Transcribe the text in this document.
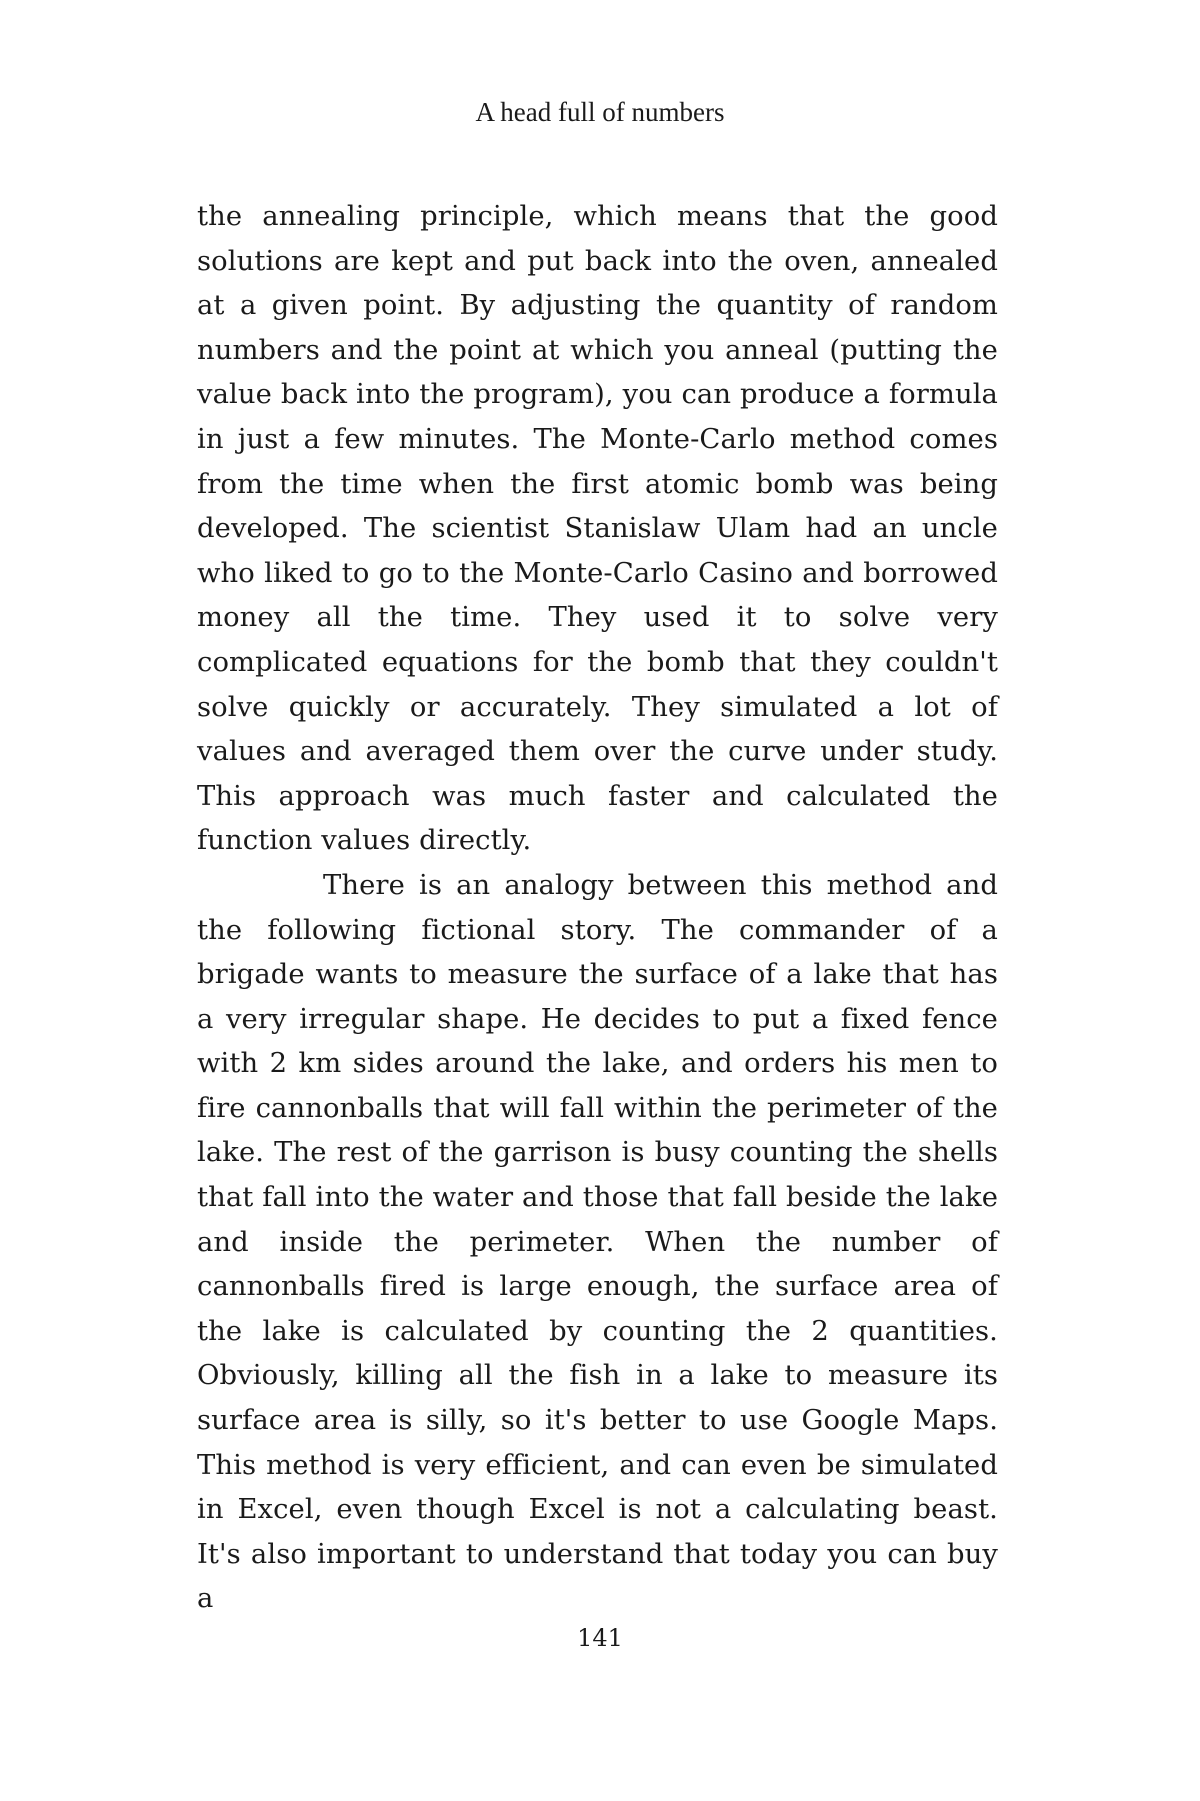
A head full of numbers

the annealing principle, which means that the good solutions are kept and put back into the oven, annealed at a given point. By adjusting the quantity of random numbers and the point at which you anneal (putting the value back into the program), you can produce a formula in just a few minutes. The Monte-Carlo method comes from the time when the first atomic bomb was being developed. The scientist Stanislaw Ulam had an uncle who liked to go to the Monte-Carlo Casino and borrowed money all the time. They used it to solve very complicated equations for the bomb that they couldn't solve quickly or accurately. They simulated a lot of values and averaged them over the curve under study. This approach was much faster and calculated the function values directly.

There is an analogy between this method and the following fictional story. The commander of a brigade wants to measure the surface of a lake that has a very irregular shape. He decides to put a fixed fence with 2 km sides around the lake, and orders his men to fire cannonballs that will fall within the perimeter of the lake. The rest of the garrison is busy counting the shells that fall into the water and those that fall beside the lake and inside the perimeter. When the number of cannonballs fired is large enough, the surface area of the lake is calculated by counting the 2 quantities. Obviously, killing all the fish in a lake to measure its surface area is silly, so it's better to use Google Maps. This method is very efficient, and can even be simulated in Excel, even though Excel is not a calculating beast. It's also important to understand that today you can buy a

141
